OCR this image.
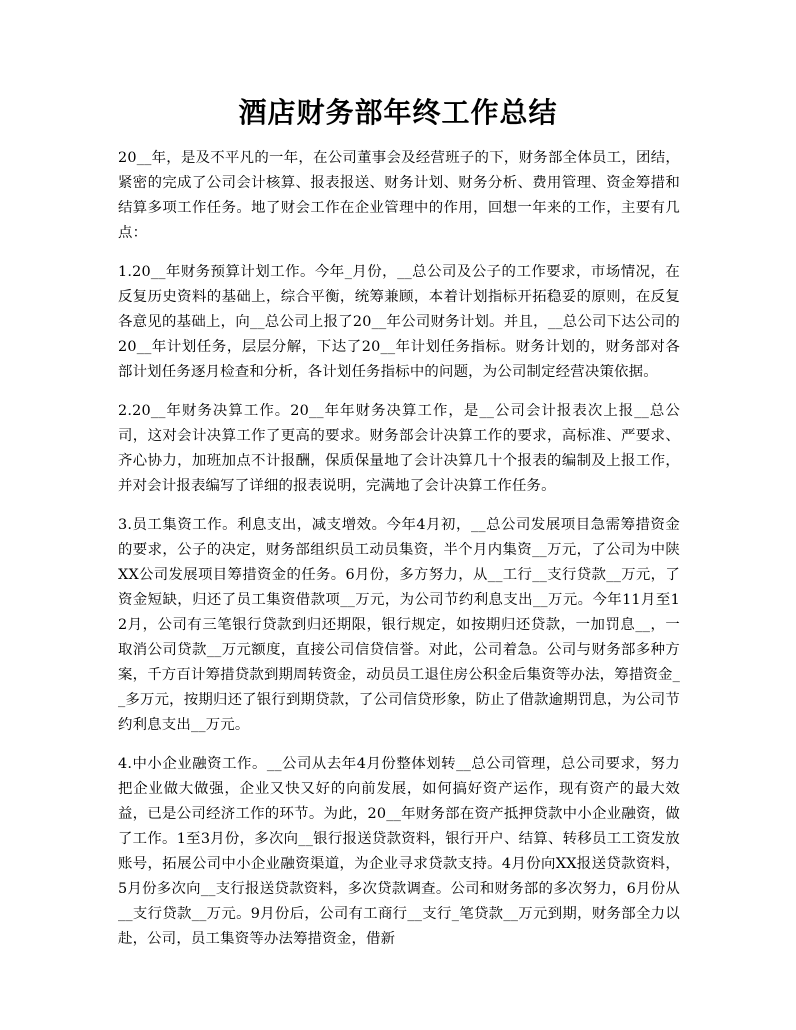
酒店财务部年终工作总结

20__年，是及不平凡的一年，在公司董事会及经营班子的下，财务部全体员工，团结，紧密的完成了公司会计核算、报表报送、财务计划、财务分析、费用管理、资金筹措和结算多项工作任务。地了财会工作在企业管理中的作用，回想一年来的工作，主要有几点：

1.20__年财务预算计划工作。今年_月份，__总公司及公子的工作要求，市场情况，在反复历史资料的基础上，综合平衡，统筹兼顾，本着计划指标开拓稳妥的原则，在反复各意见的基础上，向__总公司上报了20__年公司财务计划。并且，__总公司下达公司的20__年计划任务，层层分解，下达了20__年计划任务指标。财务计划的，财务部对各部计划任务逐月检查和分析，各计划任务指标中的问题，为公司制定经营决策依据。

2.20__年财务决算工作。20__年年财务决算工作，是__公司会计报表次上报__总公司，这对会计决算工作了更高的要求。财务部会计决算工作的要求，高标准、严要求、齐心协力，加班加点不计报酬，保质保量地了会计决算几十个报表的编制及上报工作，并对会计报表编写了详细的报表说明，完满地了会计决算工作任务。

3.员工集资工作。利息支出，减支增效。今年4月初，__总公司发展项目急需筹措资金的要求，公子的决定，财务部组织员工动员集资，半个月内集资__万元，了公司为中陕XX公司发展项目筹措资金的任务。6月份，多方努力，从__工行__支行贷款__万元，了资金短缺，归还了员工集资借款项__万元，为公司节约利息支出__万元。今年11月至12月，公司有三笔银行贷款到归还期限，银行规定，如按期归还贷款，一加罚息__，一取消公司贷款__万元额度，直接公司信贷信誉。对此，公司着急。公司与财务部多种方案，千方百计筹措贷款到期周转资金，动员员工退住房公积金后集资等办法，筹措资金__多万元，按期归还了银行到期贷款，了公司信贷形象，防止了借款逾期罚息，为公司节约利息支出__万元。

4.中小企业融资工作。__公司从去年4月份整体划转__总公司管理，总公司要求，努力把企业做大做强，企业又快又好的向前发展，如何搞好资产运作，现有资产的最大效益，已是公司经济工作的环节。为此，20__年财务部在资产抵押贷款中小企业融资，做了工作。1至3月份，多次向__银行报送贷款资料，银行开户、结算、转移员工工资发放账号，拓展公司中小企业融资渠道，为企业寻求贷款支持。4月份向XX报送贷款资料，5月份多次向__支行报送贷款资料，多次贷款调查。公司和财务部的多次努力，6月份从__支行贷款__万元。9月份后，公司有工商行__支行_笔贷款__万元到期，财务部全力以赴，公司，员工集资等办法筹措资金，借新
